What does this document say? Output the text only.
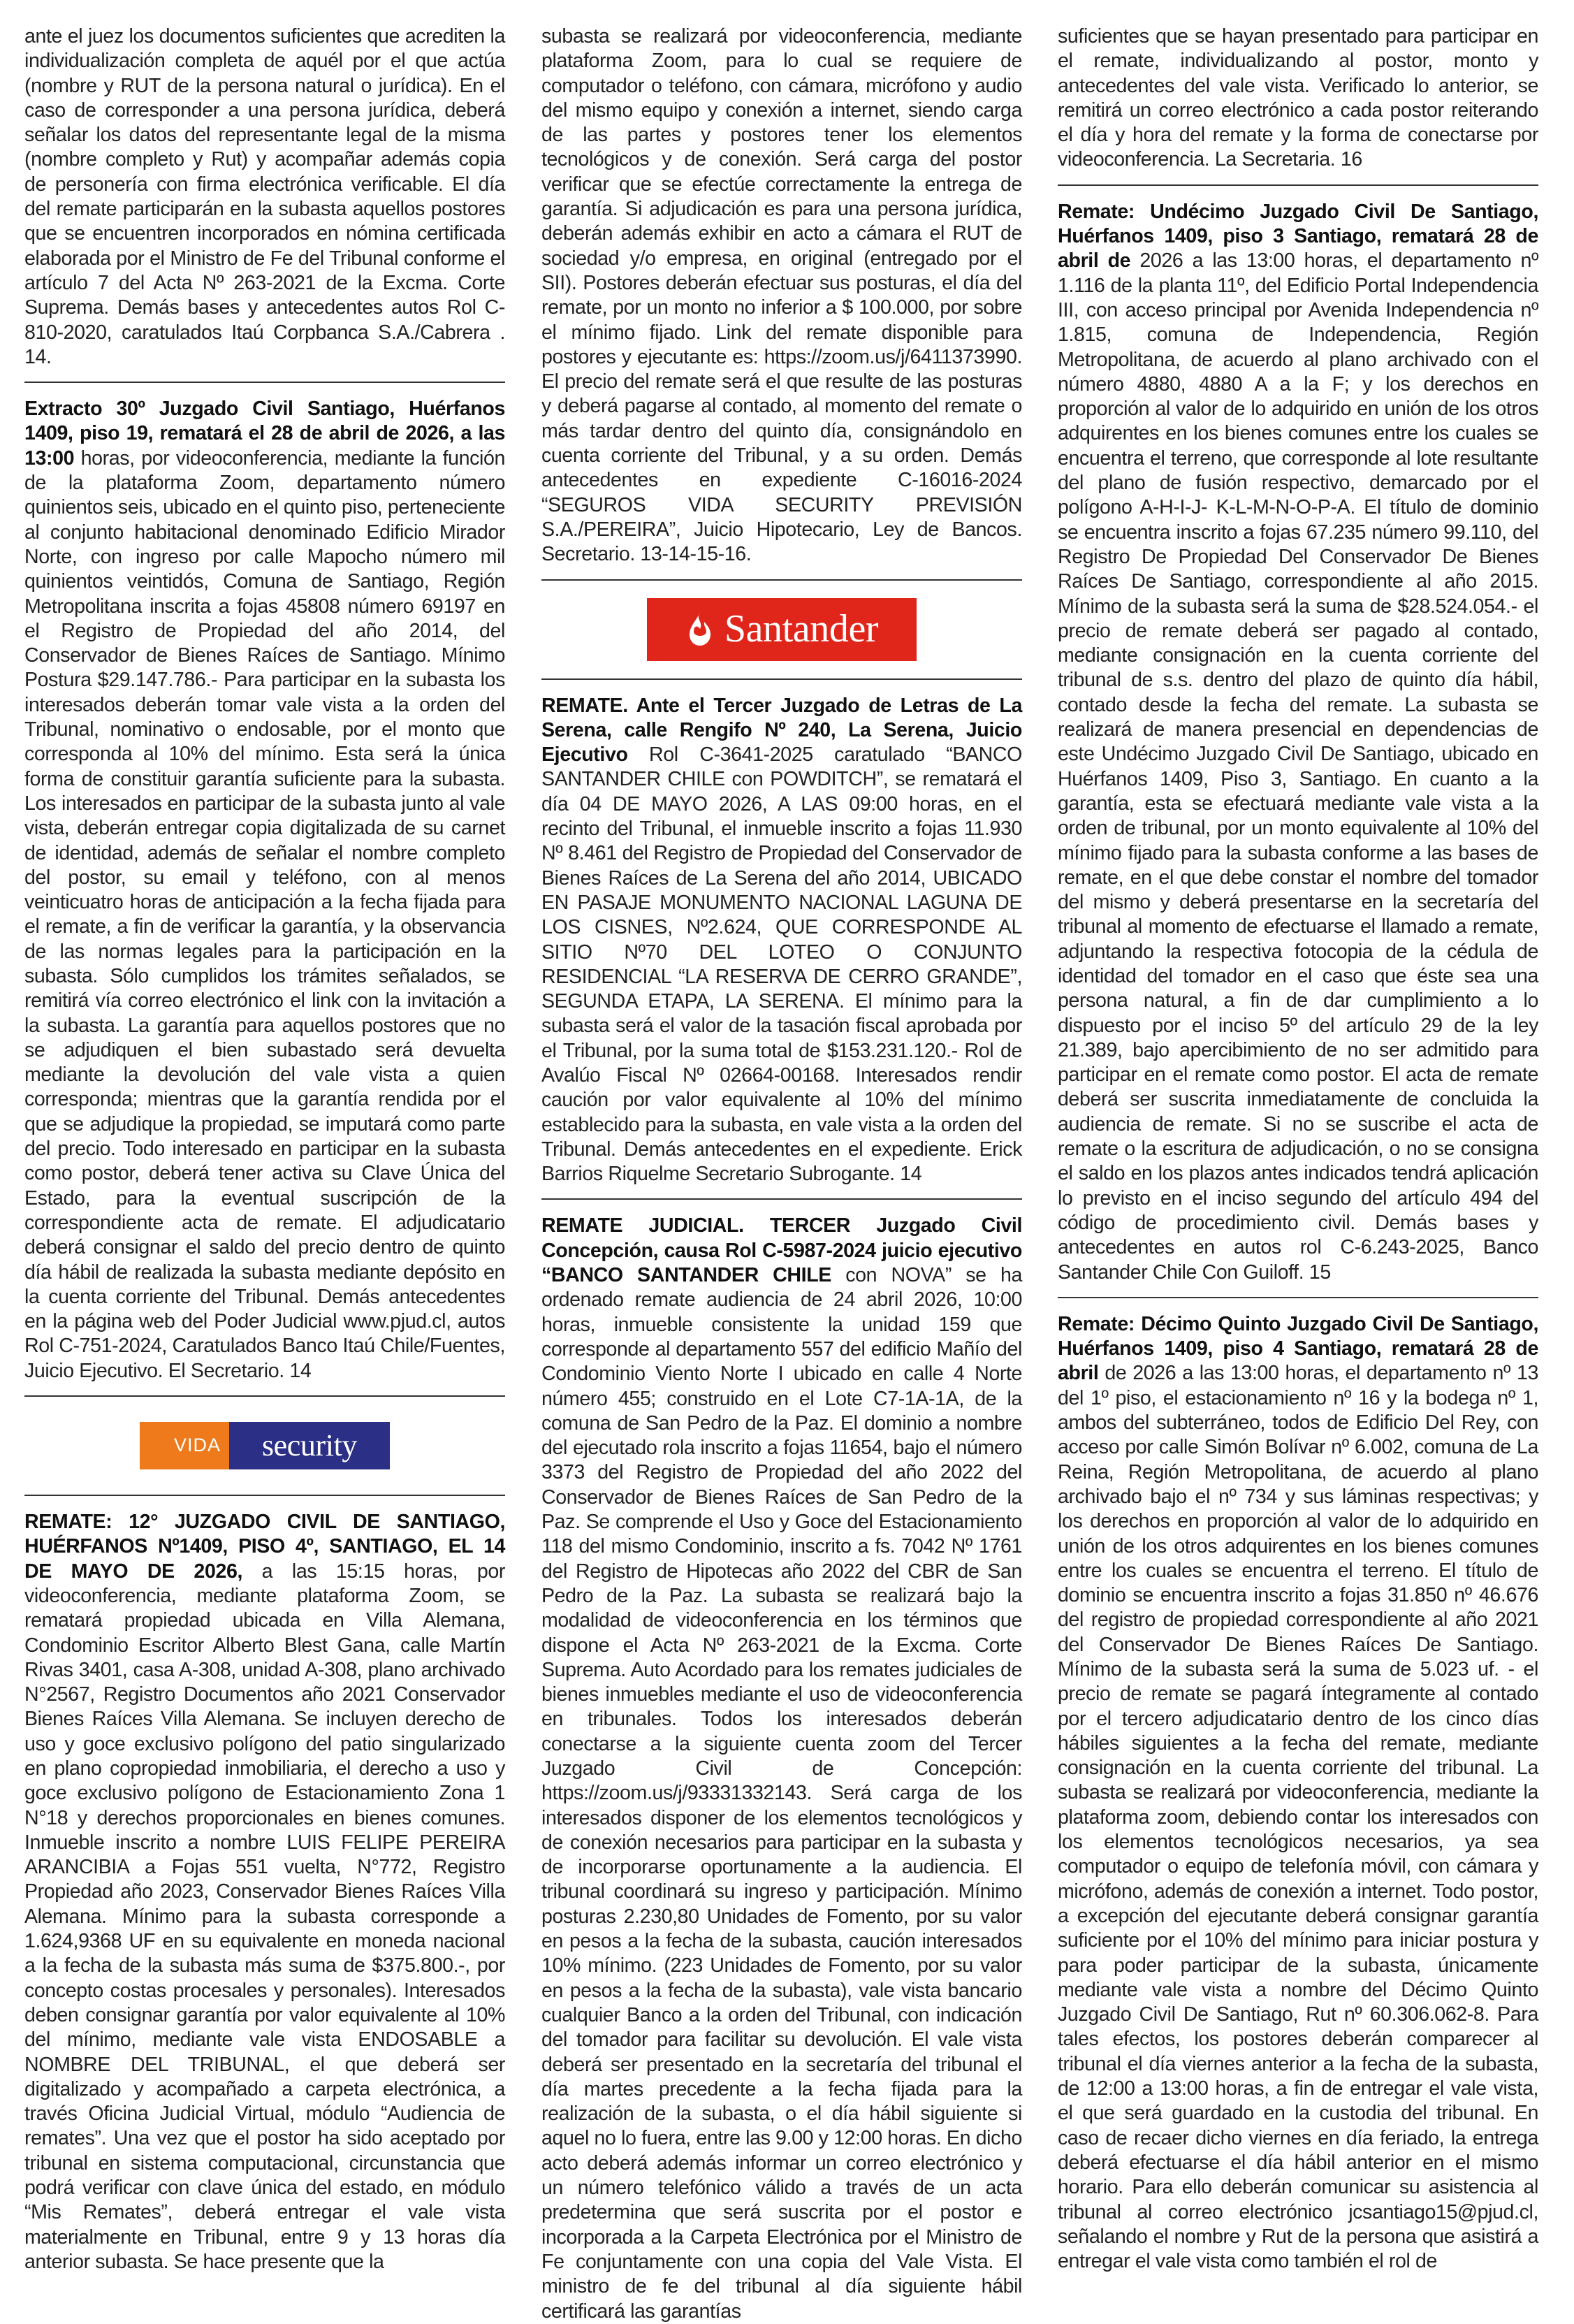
ante el juez los documentos suficientes que acrediten la individualización completa de aquél por el que actúa (nombre y RUT de la persona natural o jurídica). En el caso de corresponder a una persona jurídica, deberá señalar los datos del representante legal de la misma (nombre completo y Rut) y acompañar además copia de personería con firma electrónica verificable. El día del remate participarán en la subasta aquellos postores que se encuentren incorporados en nómina certificada elaborada por el Ministro de Fe del Tribunal conforme el artículo 7 del Acta Nº 263-2021 de la Excma. Corte Suprema. Demás bases y antecedentes autos Rol C-810-2020, caratulados Itaú Corpbanca S.A./Cabrera . 14.

Extracto 30º Juzgado Civil Santiago, Huérfanos 1409, piso 19, rematará el 28 de abril de 2026, a las 13:00 horas, por videoconferencia, mediante la función de la plataforma Zoom, departamento número quinientos seis, ubicado en el quinto piso, perteneciente al conjunto habitacional denominado Edificio Mirador Norte, con ingreso por calle Mapocho número mil quinientos veintidós, Comuna de Santiago, Región Metropolitana inscrita a fojas 45808 número 69197 en el Registro de Propiedad del año 2014, del Conservador de Bienes Raíces de Santiago. Mínimo Postura $29.147.786.- Para participar en la subasta los interesados deberán tomar vale vista a la orden del Tribunal, nominativo o endosable, por el monto que corresponda al 10% del mínimo. Esta será la única forma de constituir garantía suficiente para la subasta. Los interesados en participar de la subasta junto al vale vista, deberán entregar copia digitalizada de su carnet de identidad, además de señalar el nombre completo del postor, su email y teléfono, con al menos veinticuatro horas de anticipación a la fecha fijada para el remate, a fin de verificar la garantía, y la observancia de las normas legales para la participación en la subasta. Sólo cumplidos los trámites señalados, se remitirá vía correo electrónico el link con la invitación a la subasta. La garantía para aquellos postores que no se adjudiquen el bien subastado será devuelta mediante la devolución del vale vista a quien corresponda; mientras que la garantía rendida por el que se adjudique la propiedad, se imputará como parte del precio. Todo interesado en participar en la subasta como postor, deberá tener activa su Clave Única del Estado, para la eventual suscripción de la correspondiente acta de remate. El adjudicatario deberá consignar el saldo del precio dentro de quinto día hábil de realizada la subasta mediante depósito en la cuenta corriente del Tribunal. Demás antecedentes en la página web del Poder Judicial www.pjud.cl, autos Rol C-751-2024, Caratulados Banco Itaú Chile/Fuentes, Juicio Ejecutivo. El Secretario. 14

VIDA	security

REMATE: 12° JUZGADO CIVIL DE SANTIAGO, HUÉRFANOS Nº1409, PISO 4º, SANTIAGO, EL 14 DE MAYO DE 2026, a las 15:15 horas, por videoconferencia, mediante plataforma Zoom, se rematará propiedad ubicada en Villa Alemana, Condominio Escritor Alberto Blest Gana, calle Martín Rivas 3401, casa A-308, unidad A-308, plano archivado N°2567, Registro Documentos año 2021 Conservador Bienes Raíces Villa Alemana. Se incluyen derecho de uso y goce exclusivo polígono del patio singularizado en plano copropiedad inmobiliaria, el derecho a uso y goce exclusivo polígono de Estacionamiento Zona 1 N°18 y derechos proporcionales en bienes comunes. Inmueble inscrito a nombre LUIS FELIPE PEREIRA ARANCIBIA a Fojas 551 vuelta, N°772, Registro Propiedad año 2023, Conservador Bienes Raíces Villa Alemana. Mínimo para la subasta corresponde a 1.624,9368 UF en su equivalente en moneda nacional a la fecha de la subasta más suma de $375.800.-, por concepto costas procesales y personales). Interesados deben consignar garantía por valor equivalente al 10% del mínimo, mediante vale vista ENDOSABLE a NOMBRE DEL TRIBUNAL, el que deberá ser digitalizado y acompañado a carpeta electrónica, a través Oficina Judicial Virtual, módulo “Audiencia de remates”. Una vez que el postor ha sido aceptado por tribunal en sistema computacional, circunstancia que podrá verificar con clave única del estado, en módulo “Mis Remates”, deberá entregar el vale vista materialmente en Tribunal, entre 9 y 13 horas día anterior subasta. Se hace presente que la

subasta se realizará por videoconferencia, mediante plataforma Zoom, para lo cual se requiere de computador o teléfono, con cámara, micrófono y audio del mismo equipo y conexión a internet, siendo carga de las partes y postores tener los elementos tecnológicos y de conexión. Será carga del postor verificar que se efectúe correctamente la entrega de garantía. Si adjudicación es para una persona jurídica, deberán además exhibir en acto a cámara el RUT de sociedad y/o empresa, en original (entregado por el SII). Postores deberán efectuar sus posturas, el día del remate, por un monto no inferior a $ 100.000, por sobre el mínimo fijado. Link del remate disponible para postores y ejecutante es: https://zoom.us/j/6411373990. El precio del remate será el que resulte de las posturas y deberá pagarse al contado, al momento del remate o más tardar dentro del quinto día, consignándolo en cuenta corriente del Tribunal, y a su orden. Demás antecedentes en expediente C-16016-2024 “SEGUROS VIDA SECURITY PREVISIÓN S.A./PEREIRA”, Juicio Hipotecario, Ley de Bancos. Secretario. 13-14-15-16.

Santander

REMATE. Ante el Tercer Juzgado de Letras de La Serena, calle Rengifo Nº 240, La Serena, Juicio Ejecutivo Rol C-3641-2025 caratulado “BANCO SANTANDER CHILE con POWDITCH”, se rematará el día 04 DE MAYO 2026, A LAS 09:00 horas, en el recinto del Tribunal, el inmueble inscrito a fojas 11.930 Nº 8.461 del Registro de Propiedad del Conservador de Bienes Raíces de La Serena del año 2014, UBICADO EN PASAJE MONUMENTO NACIONAL LAGUNA DE LOS CISNES, Nº2.624, QUE CORRESPONDE AL SITIO Nº70 DEL LOTEO O CONJUNTO RESIDENCIAL “LA RESERVA DE CERRO GRANDE”, SEGUNDA ETAPA, LA SERENA. El mínimo para la subasta será el valor de la tasación fiscal aprobada por el Tribunal, por la suma total de $153.231.120.- Rol de Avalúo Fiscal Nº 02664-00168. Interesados rendir caución por valor equivalente al 10% del mínimo establecido para la subasta, en vale vista a la orden del Tribunal. Demás antecedentes en el expediente. Erick Barrios Riquelme Secretario Subrogante. 14

REMATE JUDICIAL. TERCER Juzgado Civil Concepción, causa Rol C-5987-2024 juicio ejecutivo “BANCO SANTANDER CHILE con NOVA” se ha ordenado remate audiencia de 24 abril 2026, 10:00 horas, inmueble consistente la unidad 159 que corresponde al departamento 557 del edificio Mañío del Condominio Viento Norte I ubicado en calle 4 Norte número 455; construido en el Lote C7-1A-1A, de la comuna de San Pedro de la Paz. El dominio a nombre del ejecutado rola inscrito a fojas 11654, bajo el número 3373 del Registro de Propiedad del año 2022 del Conservador de Bienes Raíces de San Pedro de la Paz. Se comprende el Uso y Goce del Estacionamiento 118 del mismo Condominio, inscrito a fs. 7042 Nº 1761 del Registro de Hipotecas año 2022 del CBR de San Pedro de la Paz. La subasta se realizará bajo la modalidad de videoconferencia en los términos que dispone el Acta Nº 263-2021 de la Excma. Corte Suprema. Auto Acordado para los remates judiciales de bienes inmuebles mediante el uso de videoconferencia en tribunales. Todos los interesados deberán conectarse a la siguiente cuenta zoom del Tercer Juzgado Civil de Concepción: https://zoom.us/j/93331332143. Será carga de los interesados disponer de los elementos tecnológicos y de conexión necesarios para participar en la subasta y de incorporarse oportunamente a la audiencia. El tribunal coordinará su ingreso y participación. Mínimo posturas 2.230,80 Unidades de Fomento, por su valor en pesos a la fecha de la subasta, caución interesados 10% mínimo. (223 Unidades de Fomento, por su valor en pesos a la fecha de la subasta), vale vista bancario cualquier Banco a la orden del Tribunal, con indicación del tomador para facilitar su devolución. El vale vista deberá ser presentado en la secretaría del tribunal el día martes precedente a la fecha fijada para la realización de la subasta, o el día hábil siguiente si aquel no lo fuera, entre las 9.00 y 12:00 horas. En dicho acto deberá además informar un correo electrónico y un número telefónico válido a través de un acta predetermina que será suscrita por el postor e incorporada a la Carpeta Electrónica por el Ministro de Fe conjuntamente con una copia del Vale Vista. El ministro de fe del tribunal al día siguiente hábil certificará las garantías

suficientes que se hayan presentado para participar en el remate, individualizando al postor, monto y antecedentes del vale vista. Verificado lo anterior, se remitirá un correo electrónico a cada postor reiterando el día y hora del remate y la forma de conectarse por videoconferencia. La Secretaria. 16

Remate: Undécimo Juzgado Civil De Santiago, Huérfanos 1409, piso 3 Santiago, rematará 28 de abril de 2026 a las 13:00 horas, el departamento nº 1.116 de la planta 11º, del Edificio Portal Independencia III, con acceso principal por Avenida Independencia nº 1.815, comuna de Independencia, Región Metropolitana, de acuerdo al plano archivado con el número 4880, 4880 A a la F; y los derechos en proporción al valor de lo adquirido en unión de los otros adquirentes en los bienes comunes entre los cuales se encuentra el terreno, que corresponde al lote resultante del plano de fusión respectivo, demarcado por el polígono A-H-I-J- K-L-M-N-O-P-A. El título de dominio se encuentra inscrito a fojas 67.235 número 99.110, del Registro De Propiedad Del Conservador De Bienes Raíces De Santiago, correspondiente al año 2015. Mínimo de la subasta será la suma de $28.524.054.- el precio de remate deberá ser pagado al contado, mediante consignación en la cuenta corriente del tribunal de s.s. dentro del plazo de quinto día hábil, contado desde la fecha del remate. La subasta se realizará de manera presencial en dependencias de este Undécimo Juzgado Civil De Santiago, ubicado en Huérfanos 1409, Piso 3, Santiago. En cuanto a la garantía, esta se efectuará mediante vale vista a la orden de tribunal, por un monto equivalente al 10% del mínimo fijado para la subasta conforme a las bases de remate, en el que debe constar el nombre del tomador del mismo y deberá presentarse en la secretaría del tribunal al momento de efectuarse el llamado a remate, adjuntando la respectiva fotocopia de la cédula de identidad del tomador en el caso que éste sea una persona natural, a fin de dar cumplimiento a lo dispuesto por el inciso 5º del artículo 29 de la ley 21.389, bajo apercibimiento de no ser admitido para participar en el remate como postor. El acta de remate deberá ser suscrita inmediatamente de concluida la audiencia de remate. Si no se suscribe el acta de remate o la escritura de adjudicación, o no se consigna el saldo en los plazos antes indicados tendrá aplicación lo previsto en el inciso segundo del artículo 494 del código de procedimiento civil. Demás bases y antecedentes en autos rol C-6.243-2025, Banco Santander Chile Con Guiloff. 15

Remate: Décimo Quinto Juzgado Civil De Santiago, Huérfanos 1409, piso 4 Santiago, rematará 28 de abril de 2026 a las 13:00 horas, el departamento nº 13 del 1º piso, el estacionamiento nº 16 y la bodega nº 1, ambos del subterráneo, todos de Edificio Del Rey, con acceso por calle Simón Bolívar nº 6.002, comuna de La Reina, Región Metropolitana, de acuerdo al plano archivado bajo el nº 734 y sus láminas respectivas; y los derechos en proporción al valor de lo adquirido en unión de los otros adquirentes en los bienes comunes entre los cuales se encuentra el terreno. El título de dominio se encuentra inscrito a fojas 31.850 nº 46.676 del registro de propiedad correspondiente al año 2021 del Conservador De Bienes Raíces De Santiago. Mínimo de la subasta será la suma de 5.023 uf. - el precio de remate se pagará íntegramente al contado por el tercero adjudicatario dentro de los cinco días hábiles siguientes a la fecha del remate, mediante consignación en la cuenta corriente del tribunal. La subasta se realizará por videoconferencia, mediante la plataforma zoom, debiendo contar los interesados con los elementos tecnológicos necesarios, ya sea computador o equipo de telefonía móvil, con cámara y micrófono, además de conexión a internet. Todo postor, a excepción del ejecutante deberá consignar garantía suficiente por el 10% del mínimo para iniciar postura y para poder participar de la subasta, únicamente mediante vale vista a nombre del Décimo Quinto Juzgado Civil De Santiago, Rut nº 60.306.062-8. Para tales efectos, los postores deberán comparecer al tribunal el día viernes anterior a la fecha de la subasta, de 12:00 a 13:00 horas, a fin de entregar el vale vista, el que será guardado en la custodia del tribunal. En caso de recaer dicho viernes en día feriado, la entrega deberá efectuarse el día hábil anterior en el mismo horario. Para ello deberán comunicar su asistencia al tribunal al correo electrónico jcsantiago15@pjud.cl, señalando el nombre y Rut de la persona que asistirá a entregar el vale vista como también el rol de
